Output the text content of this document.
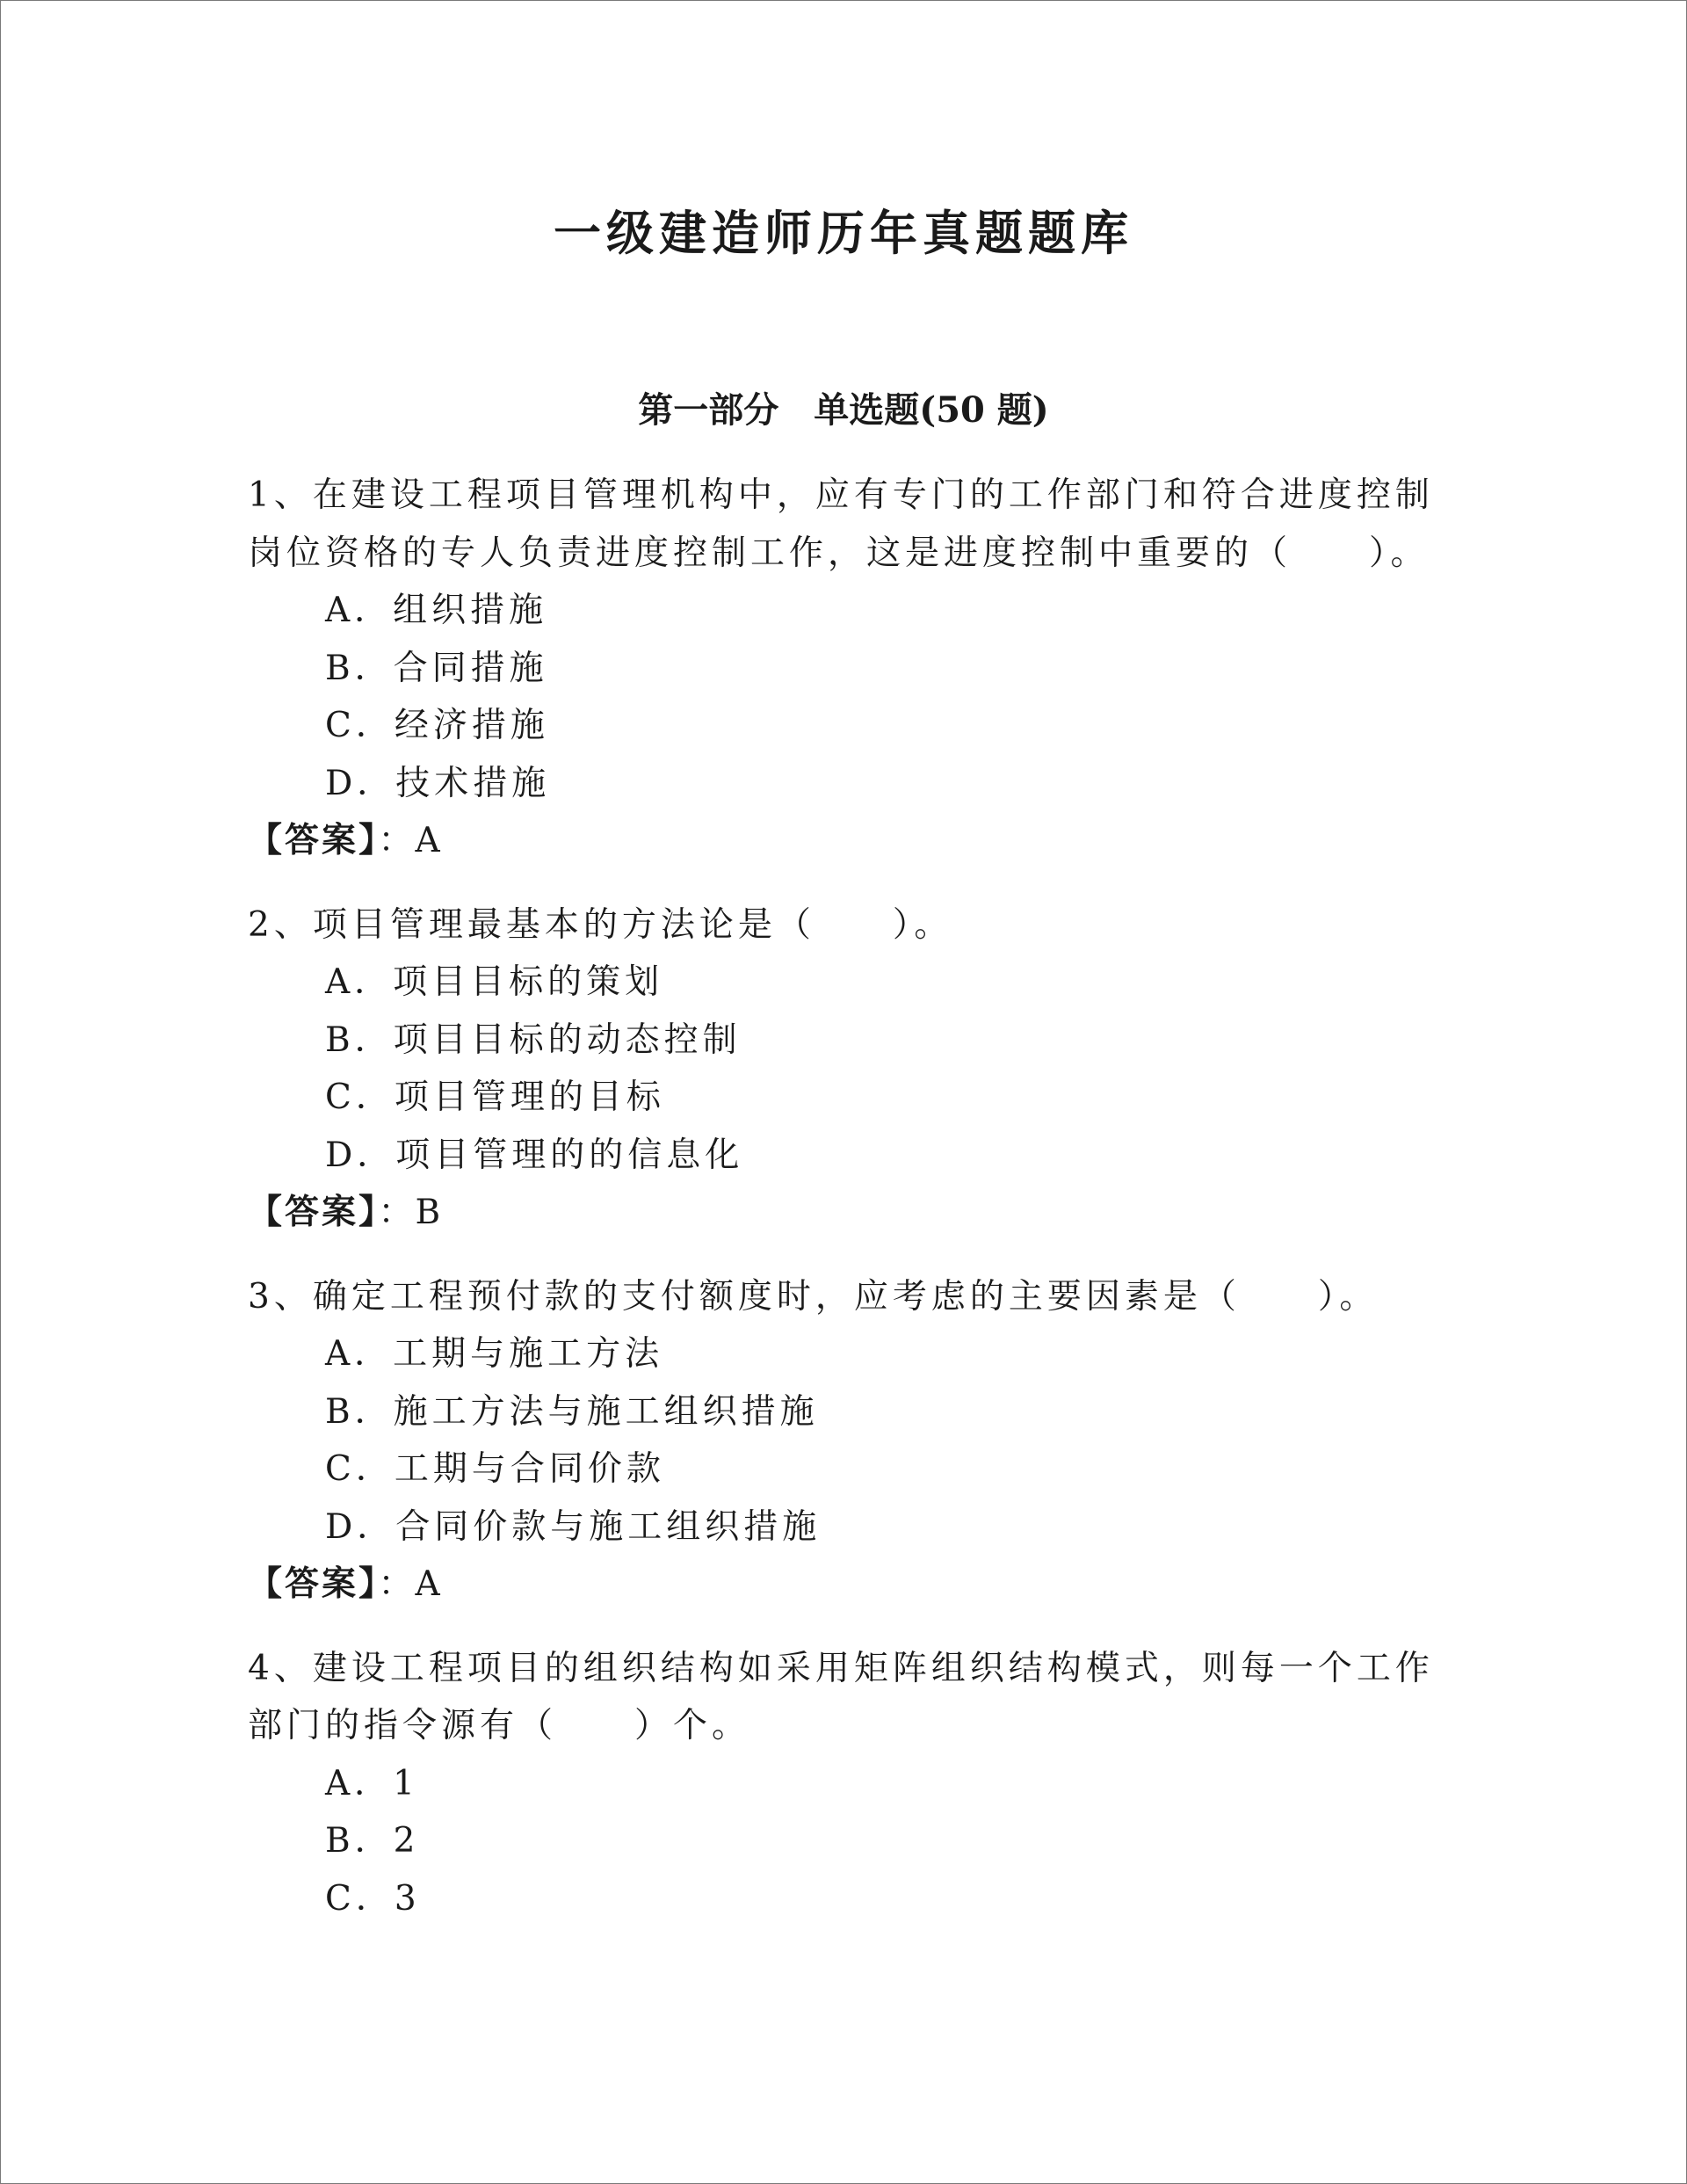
一级建造师历年真题题库
第一部分　单选题(50 题)
1、在建设工程项目管理机构中，应有专门的工作部门和符合进度控制岗位资格的专人负责进度控制工作，这是进度控制中重要的（　　）。
A．组织措施
B．合同措施
C．经济措施
D．技术措施
【答案】：A
2、项目管理最基本的方法论是（　　）。
A．项目目标的策划
B．项目目标的动态控制
C．项目管理的目标
D．项目管理的的信息化
【答案】：B
3、确定工程预付款的支付额度时，应考虑的主要因素是（　　）。
A．工期与施工方法
B．施工方法与施工组织措施
C．工期与合同价款
D．合同价款与施工组织措施
【答案】：A
4、建设工程项目的组织结构如采用矩阵组织结构模式，则每一个工作部门的指令源有（　　）个。
A．1
B．2
C．3
